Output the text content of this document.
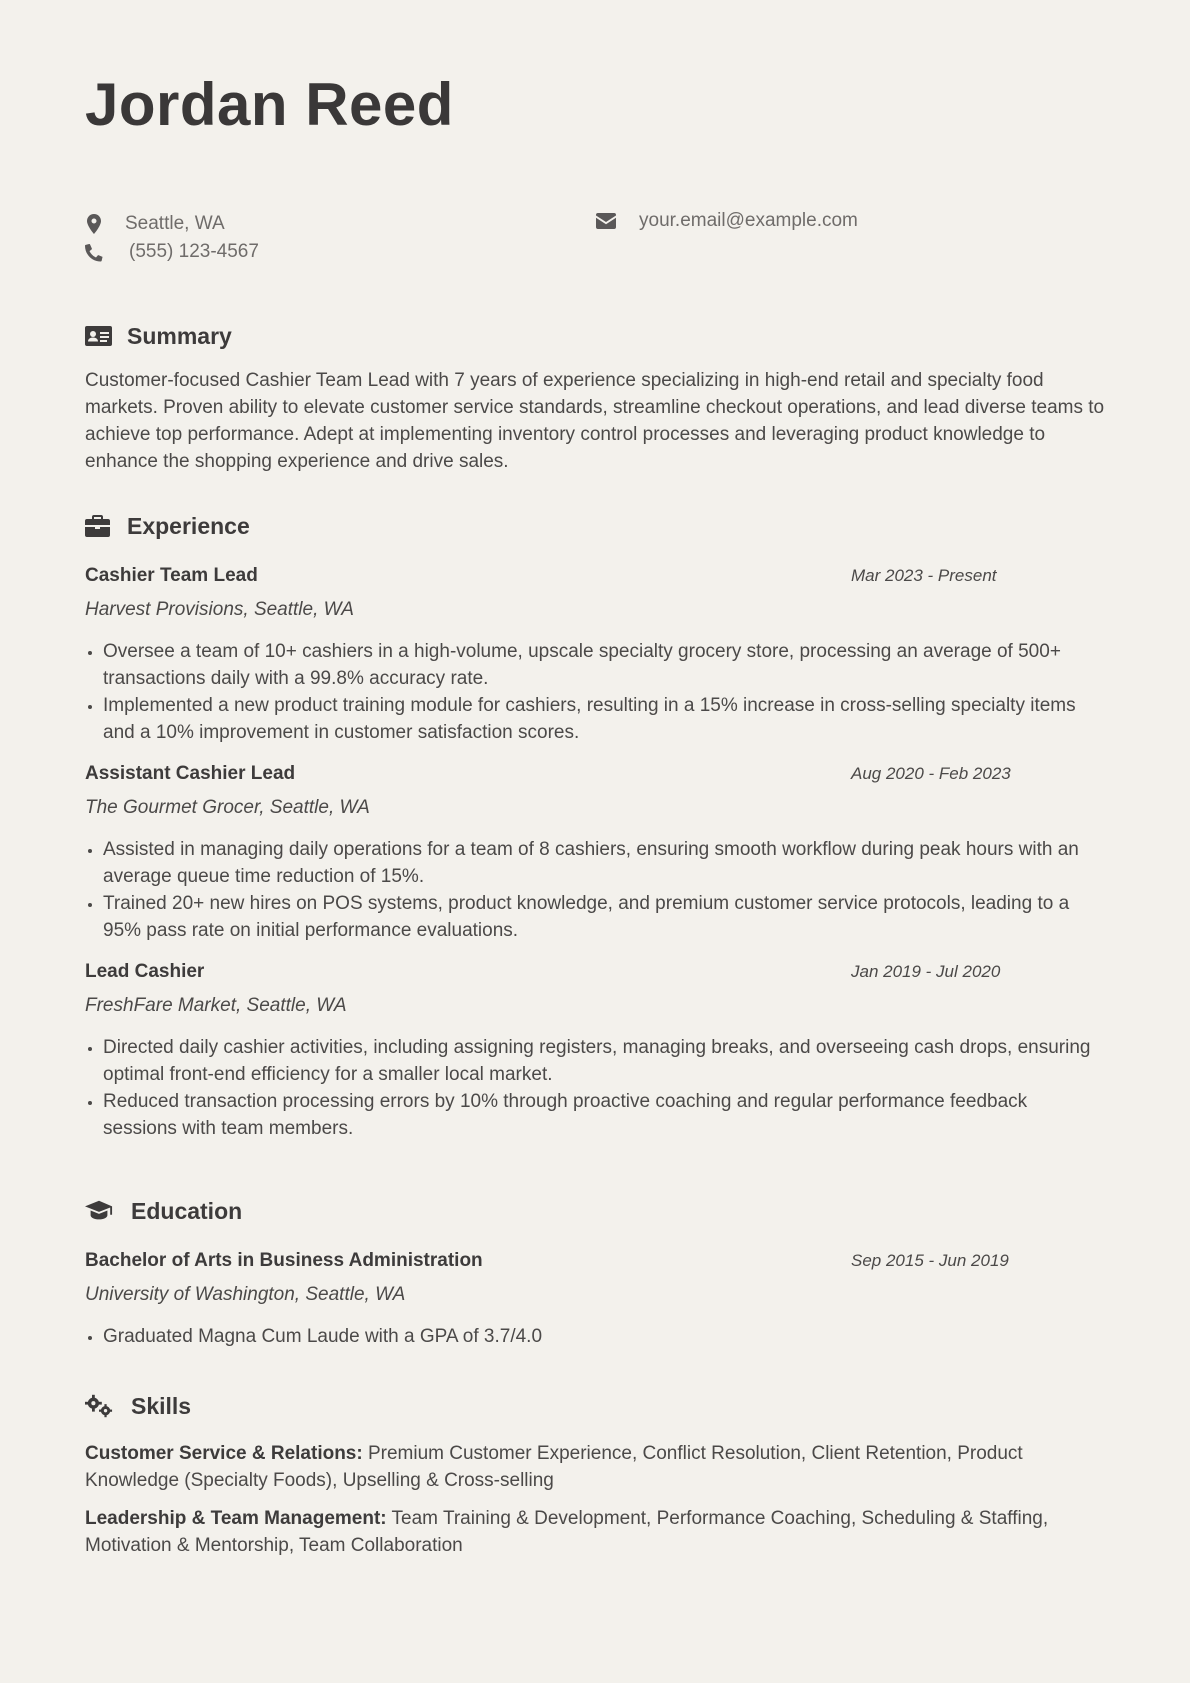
Jordan Reed
Seattle, WA	your.email@example.com
(555) 123-4567
Summary
Customer-focused Cashier Team Lead with 7 years of experience specializing in high-end retail and specialty food markets. Proven ability to elevate customer service standards, streamline checkout operations, and lead diverse teams to achieve top performance. Adept at implementing inventory control processes and leveraging product knowledge to enhance the shopping experience and drive sales.
Experience
Cashier Team Lead	Mar 2023 - Present
Harvest Provisions, Seattle, WA
• Oversee a team of 10+ cashiers in a high-volume, upscale specialty grocery store, processing an average of 500+ transactions daily with a 99.8% accuracy rate.
• Implemented a new product training module for cashiers, resulting in a 15% increase in cross-selling specialty items and a 10% improvement in customer satisfaction scores.
Assistant Cashier Lead	Aug 2020 - Feb 2023
The Gourmet Grocer, Seattle, WA
• Assisted in managing daily operations for a team of 8 cashiers, ensuring smooth workflow during peak hours with an average queue time reduction of 15%.
• Trained 20+ new hires on POS systems, product knowledge, and premium customer service protocols, leading to a 95% pass rate on initial performance evaluations.
Lead Cashier	Jan 2019 - Jul 2020
FreshFare Market, Seattle, WA
• Directed daily cashier activities, including assigning registers, managing breaks, and overseeing cash drops, ensuring optimal front-end efficiency for a smaller local market.
• Reduced transaction processing errors by 10% through proactive coaching and regular performance feedback sessions with team members.
Education
Bachelor of Arts in Business Administration	Sep 2015 - Jun 2019
University of Washington, Seattle, WA
• Graduated Magna Cum Laude with a GPA of 3.7/4.0
Skills
Customer Service & Relations: Premium Customer Experience, Conflict Resolution, Client Retention, Product Knowledge (Specialty Foods), Upselling & Cross-selling
Leadership & Team Management: Team Training & Development, Performance Coaching, Scheduling & Staffing, Motivation & Mentorship, Team Collaboration
